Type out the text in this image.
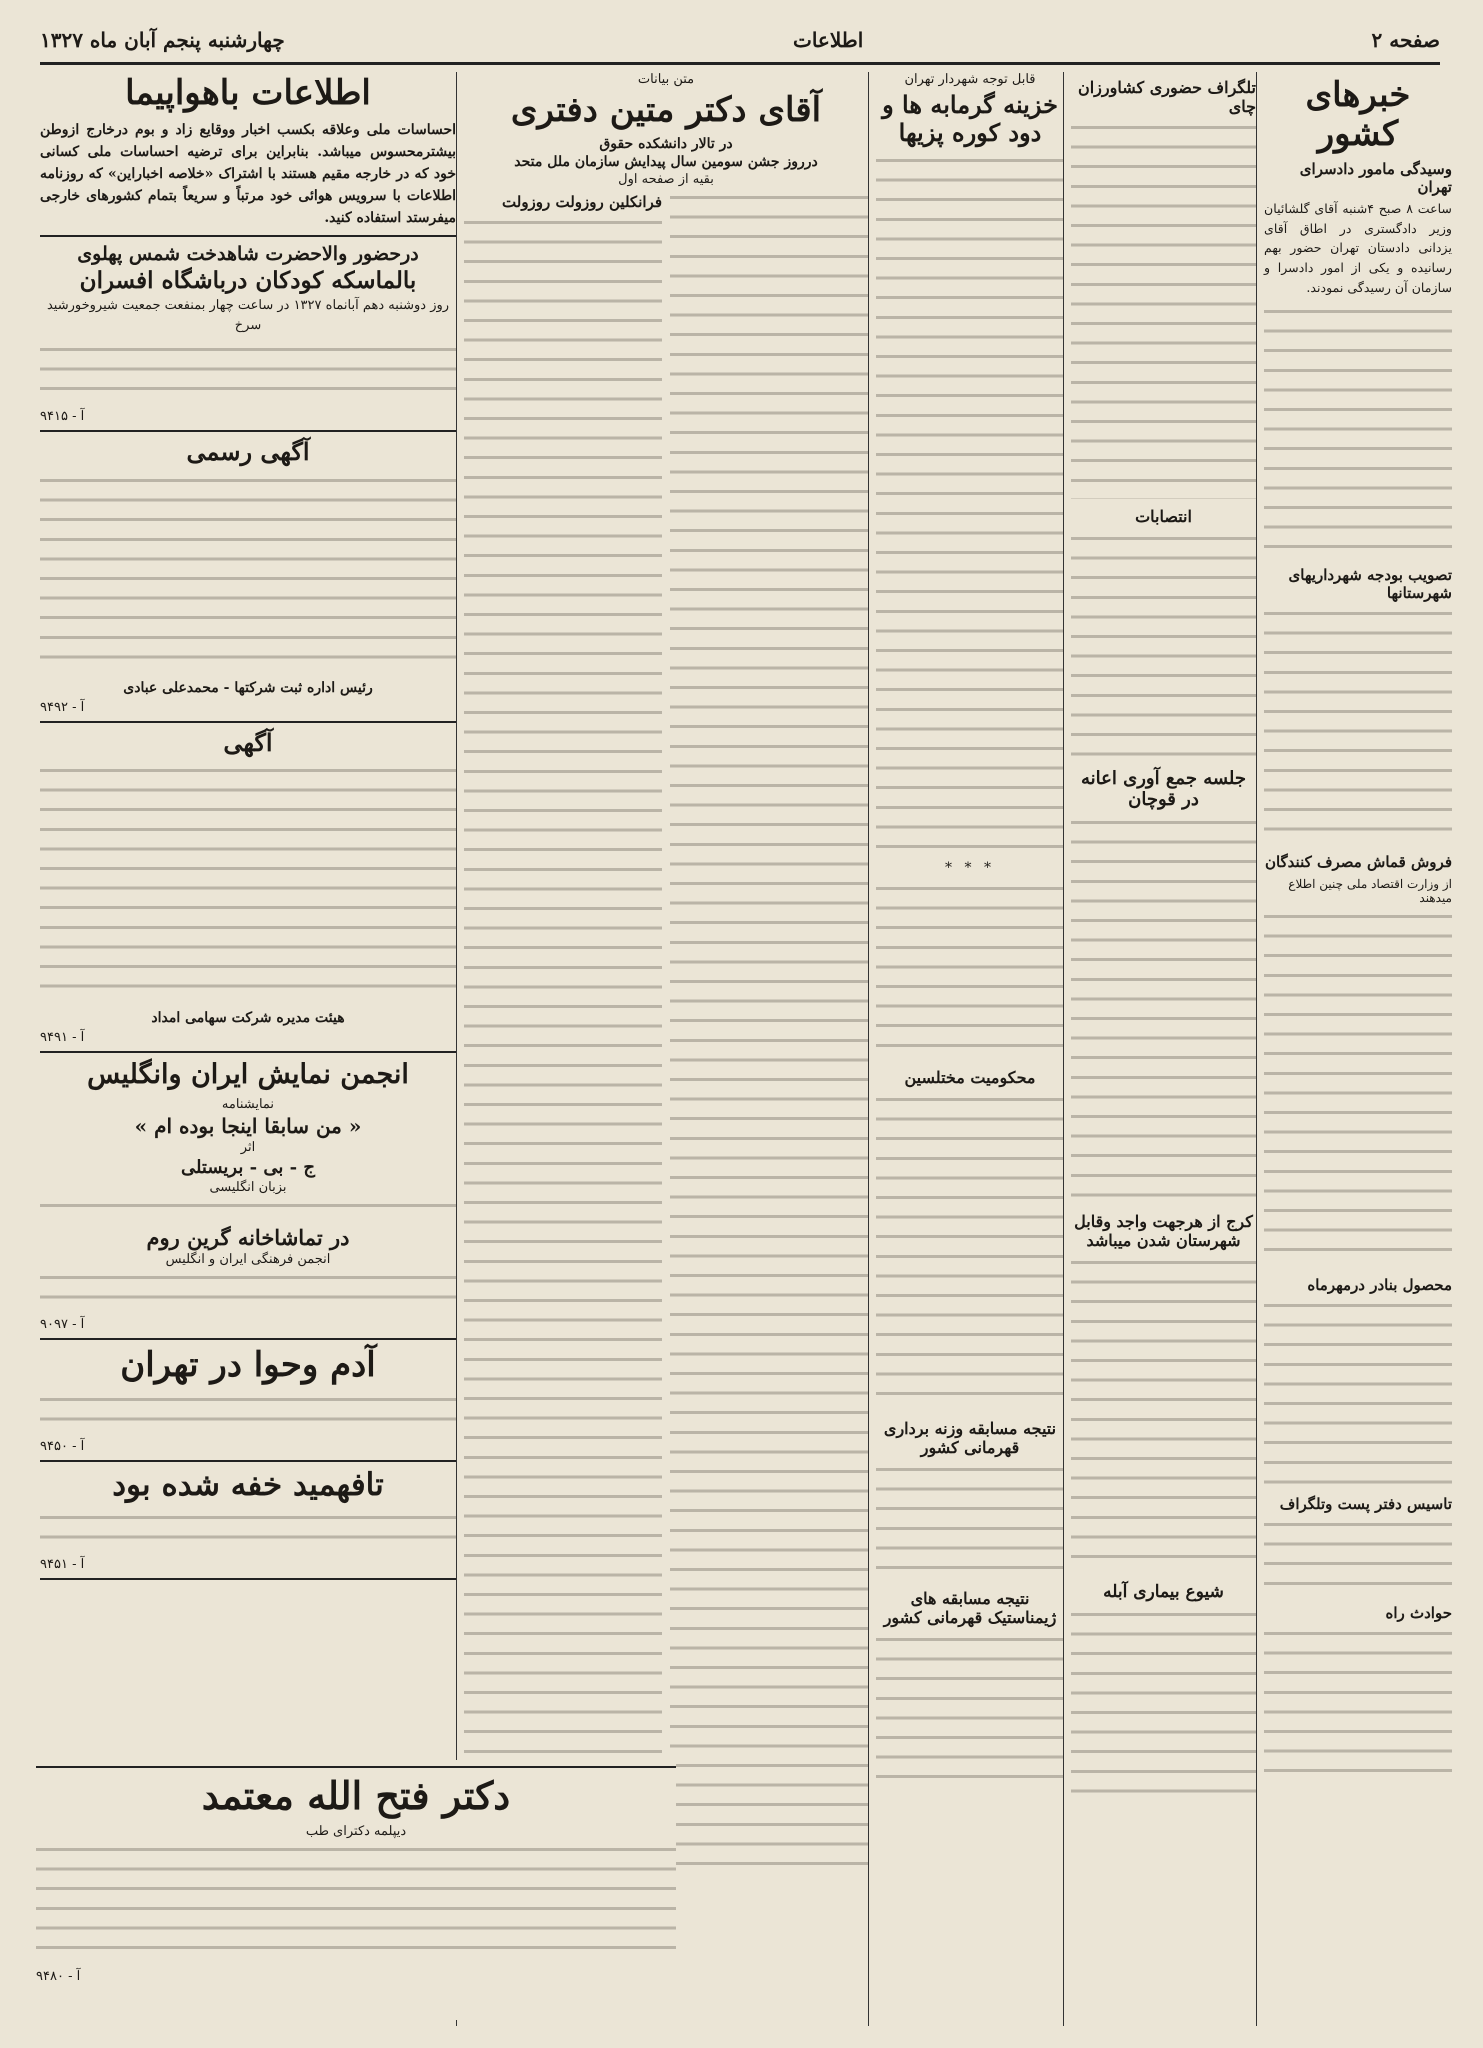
صفحه ۲
اطلاعات
چهارشنبه پنجم آبان ماه ۱۳۲۷
خبرهای کشور
وسیدگی مامور دادسرای تهران

ساعت ۸ صبح ۴شنبه آقای گلشائیان وزیر دادگستری در اطاق آقای یزدانی دادستان تهران حضور بهم رسانیده و یکی از امور دادسرا و سازمان آن رسیدگی نمودند.

تصویب بودجه شهرداریهای شهرستانها
فروش قماش مصرف کنندگان
از وزارت اقتصاد ملی چنین اطلاع میدهند
محصول بنادر درمهرماه
تاسیس دفتر پست وتلگراف
حوادث راه
تلگراف حضوری کشاورزان چای
انتصابات
جلسه جمع آوری اعانه در قوچان
کرج از هرجهت واجد وقابل شهرستان شدن میباشد
شیوع بیماری آبله

قابل توجه شهردار تهران

خزینه گرمابه ها و دود کوره پزیها
* * *
محکومیت مختلسین
نتیجه مسابقه وزنه برداری قهرمانی کشور
نتیجه مسابقه های ژیمناستیک قهرمانی کشور

متن بیانات

آقای دکتر متین دفتری
در تالار دانشکده حقوق
درروز جشن سومین سال پیدایش سازمان ملل متحد

بقیه از صفحه اول

فرانکلین روزولت روزولت
اطلاعات باهواپیما

احساسات ملی وعلاقه بکسب اخبار ووقایع زاد و بوم درخارج ازوطن بیشترمحسوس میباشد. بنابراین برای ترضیه احساسات ملی کسانی خود که در خارجه مقیم هستند با اشتراک «خلاصه اخباراین» که روزنامه اطلاعات با سرویس هوائی خود مرتباً و سریعاً بتمام کشورهای خارجی میفرستد استفاده کنید.

درحضور والاحضرت شاهدخت شمس پهلوی
بالماسکه کودکان درباشگاه افسران

روز دوشنبه دهم آبانماه ۱۳۲۷ در ساعت چهار بمنفعت جمعیت شیروخورشید سرخ

آ - ۹۴۱۵
آگهی رسمی
رئیس اداره ثبت شرکتها - محمدعلی عبادی
آ - ۹۴۹۲
آگهی
هیئت مدیره شرکت سهامی امداد
آ - ۹۴۹۱
انجمن نمایش ایران وانگلیس
نمایشنامه
« من سابقا اینجا بوده ام »
اثر
ج - بی - بریستلی
بزبان انگلیسی
در تماشاخانه گرین روم
انجمن فرهنگی ایران و انگلیس
آ - ۹۰۹۷
آدم وحوا در تهران
آ - ۹۴۵۰
تافهمید خفه شده بود
آ - ۹۴۵۱
دکتر فتح الله معتمد
دیپلمه دکترای طب
آ - ۹۴۸۰
